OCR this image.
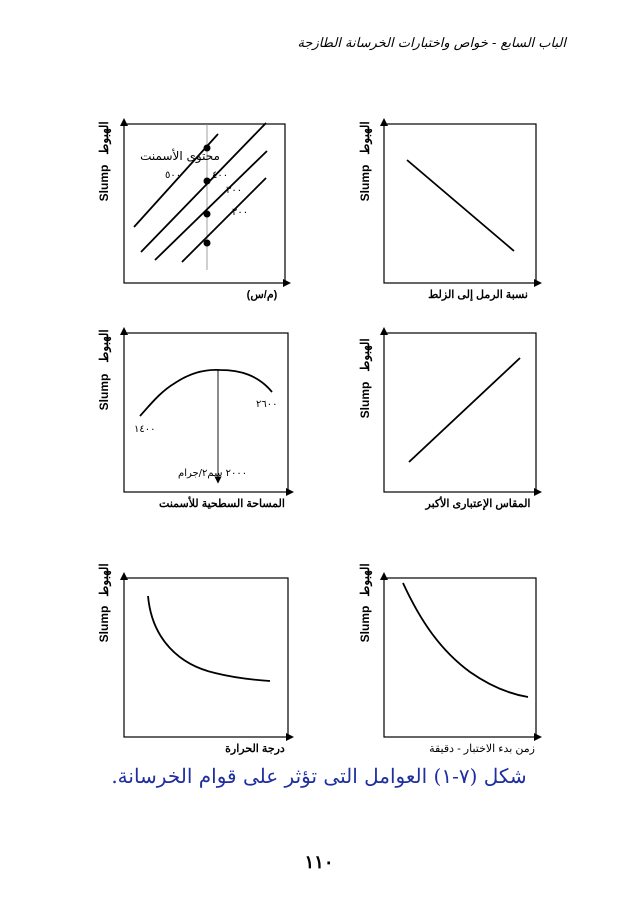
الباب السابع - خواص واختبارات الخرسانة الطازجة
Slump
الهبوط
Slump
الهبوط
Slump
الهبوط
Slump
الهبوط
Slump
الهبوط
Slump
الهبوط
محتوى الأسمنت
٥٠٠	٤٠٠
٣٠٠
٢٠٠
١٤٠٠
٢٦٠٠
٢٠٠٠ سم٢/جرام
(م/س)	نسبة الرمل إلى الزلط
المساحة السطحية للأسمنت	المقاس الإعتبارى الأكبر
درجة الحرارة	زمن بدء الاختبار - دقيقة
شكل (٧-١) العوامل التى تؤثر على قوام الخرسانة.
١١٠
